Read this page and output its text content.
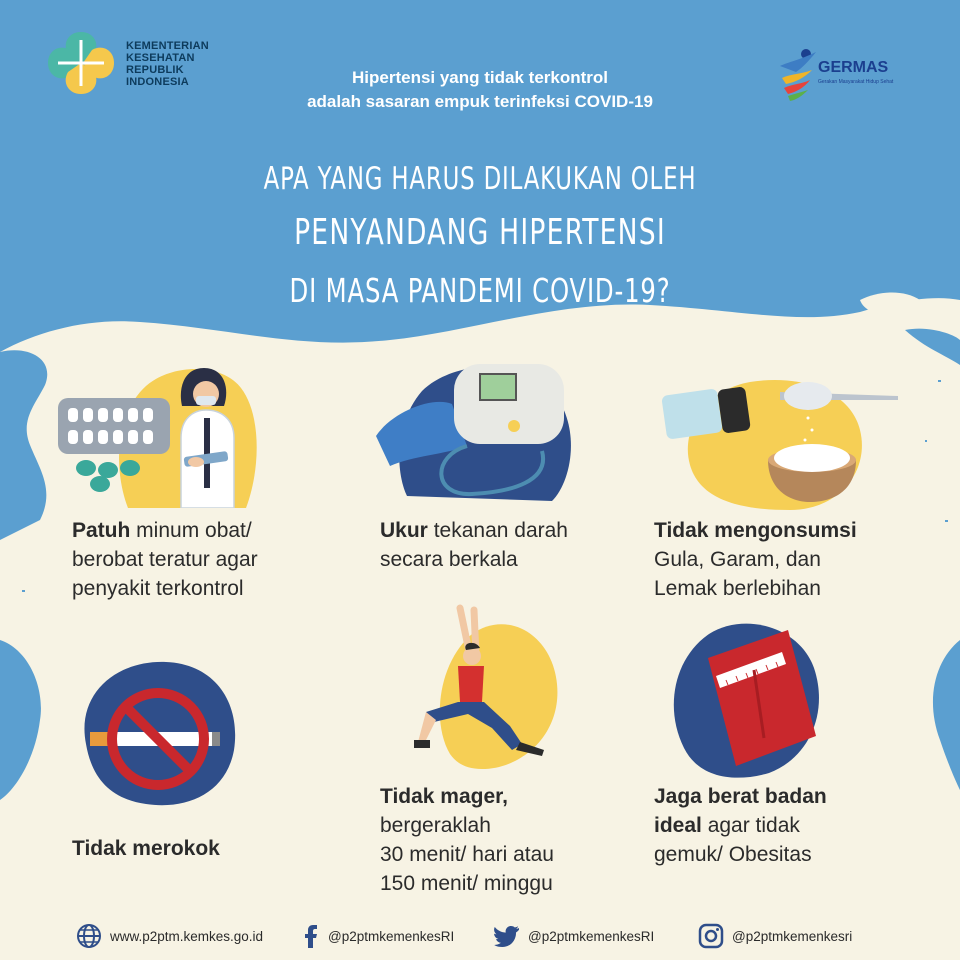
KEMENTERIAN
KESEHATAN
REPUBLIK
INDONESIA
GERMAS
Gerakan Masyarakat Hidup Sehat
Hipertensi yang tidak terkontrol
adalah sasaran empuk terinfeksi COVID-19
APA YANG HARUS DILAKUKAN OLEH
PENYANDANG HIPERTENSI
DI MASA PANDEMI COVID-19?
Patuh minum obat/
berobat teratur agar
penyakit terkontrol
Ukur tekanan darah
secara berkala
Tidak mengonsumsi
Gula, Garam, dan
Lemak berlebihan
Tidak merokok
Tidak mager,
bergeraklah
30 menit/ hari atau
150 menit/ minggu
Jaga berat badan
ideal agar tidak
gemuk/ Obesitas
www.p2ptm.kemkes.go.id	@p2ptmkemenkesRI	@p2ptmkemenkesRI	@p2ptmkemenkesri
